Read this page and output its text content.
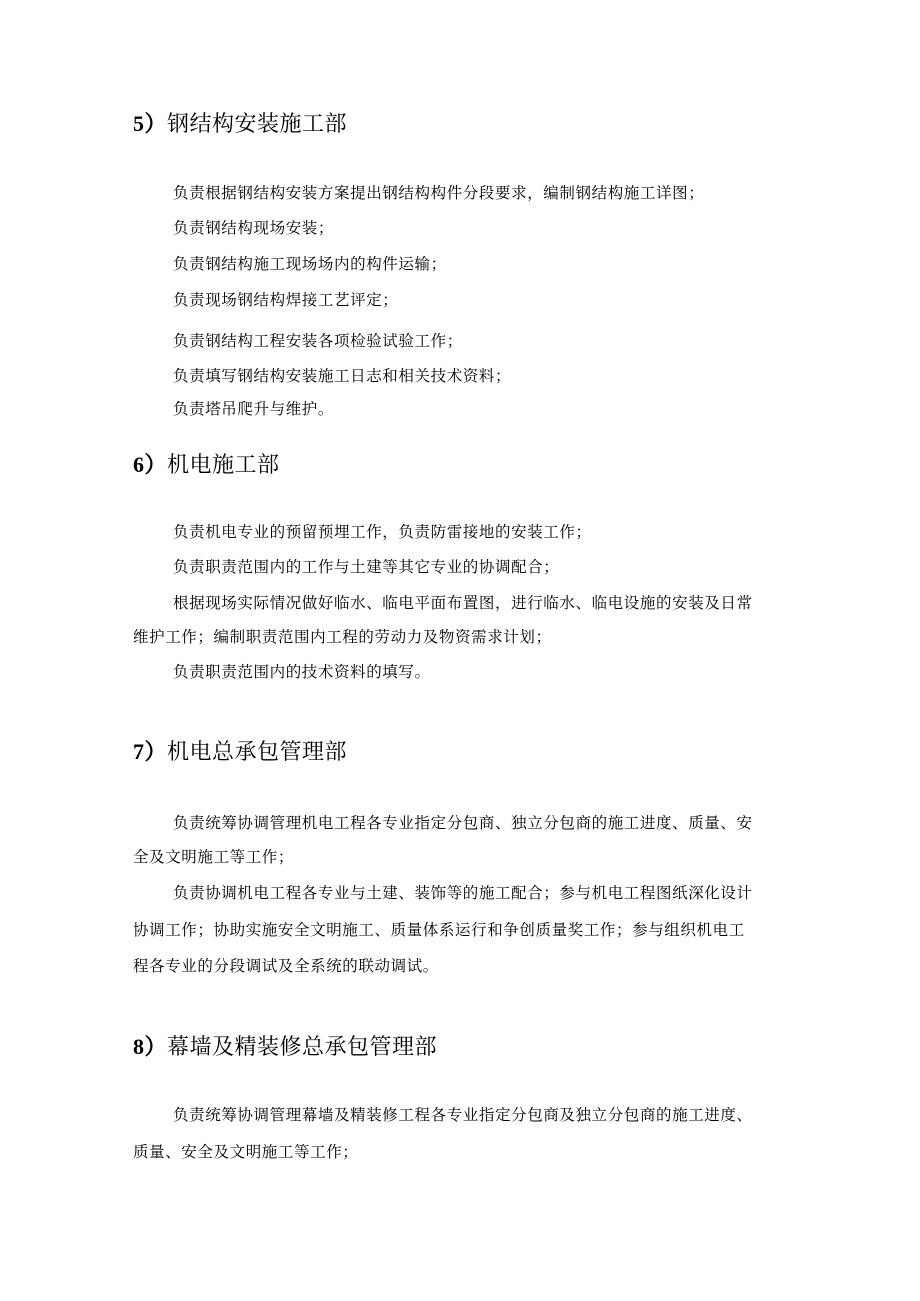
5）钢结构安装施工部
负责根据钢结构安装方案提出钢结构构件分段要求，编制钢结构施工详图；
负责钢结构现场安装；
负责钢结构施工现场场内的构件运输；
负责现场钢结构焊接工艺评定；
负责钢结构工程安装各项检验试验工作；
负责填写钢结构安装施工日志和相关技术资料；
负责塔吊爬升与维护。
6）机电施工部
负责机电专业的预留预埋工作，负责防雷接地的安装工作；
负责职责范围内的工作与土建等其它专业的协调配合；
根据现场实际情况做好临水、临电平面布置图，进行临水、临电设施的安装及日常
维护工作；编制职责范围内工程的劳动力及物资需求计划；
负责职责范围内的技术资料的填写。
7）机电总承包管理部
负责统筹协调管理机电工程各专业指定分包商、独立分包商的施工进度、质量、安
全及文明施工等工作；
负责协调机电工程各专业与土建、装饰等的施工配合；参与机电工程图纸深化设计
协调工作；协助实施安全文明施工、质量体系运行和争创质量奖工作；参与组织机电工
程各专业的分段调试及全系统的联动调试。
8）幕墙及精装修总承包管理部
负责统筹协调管理幕墙及精装修工程各专业指定分包商及独立分包商的施工进度、
质量、安全及文明施工等工作；
